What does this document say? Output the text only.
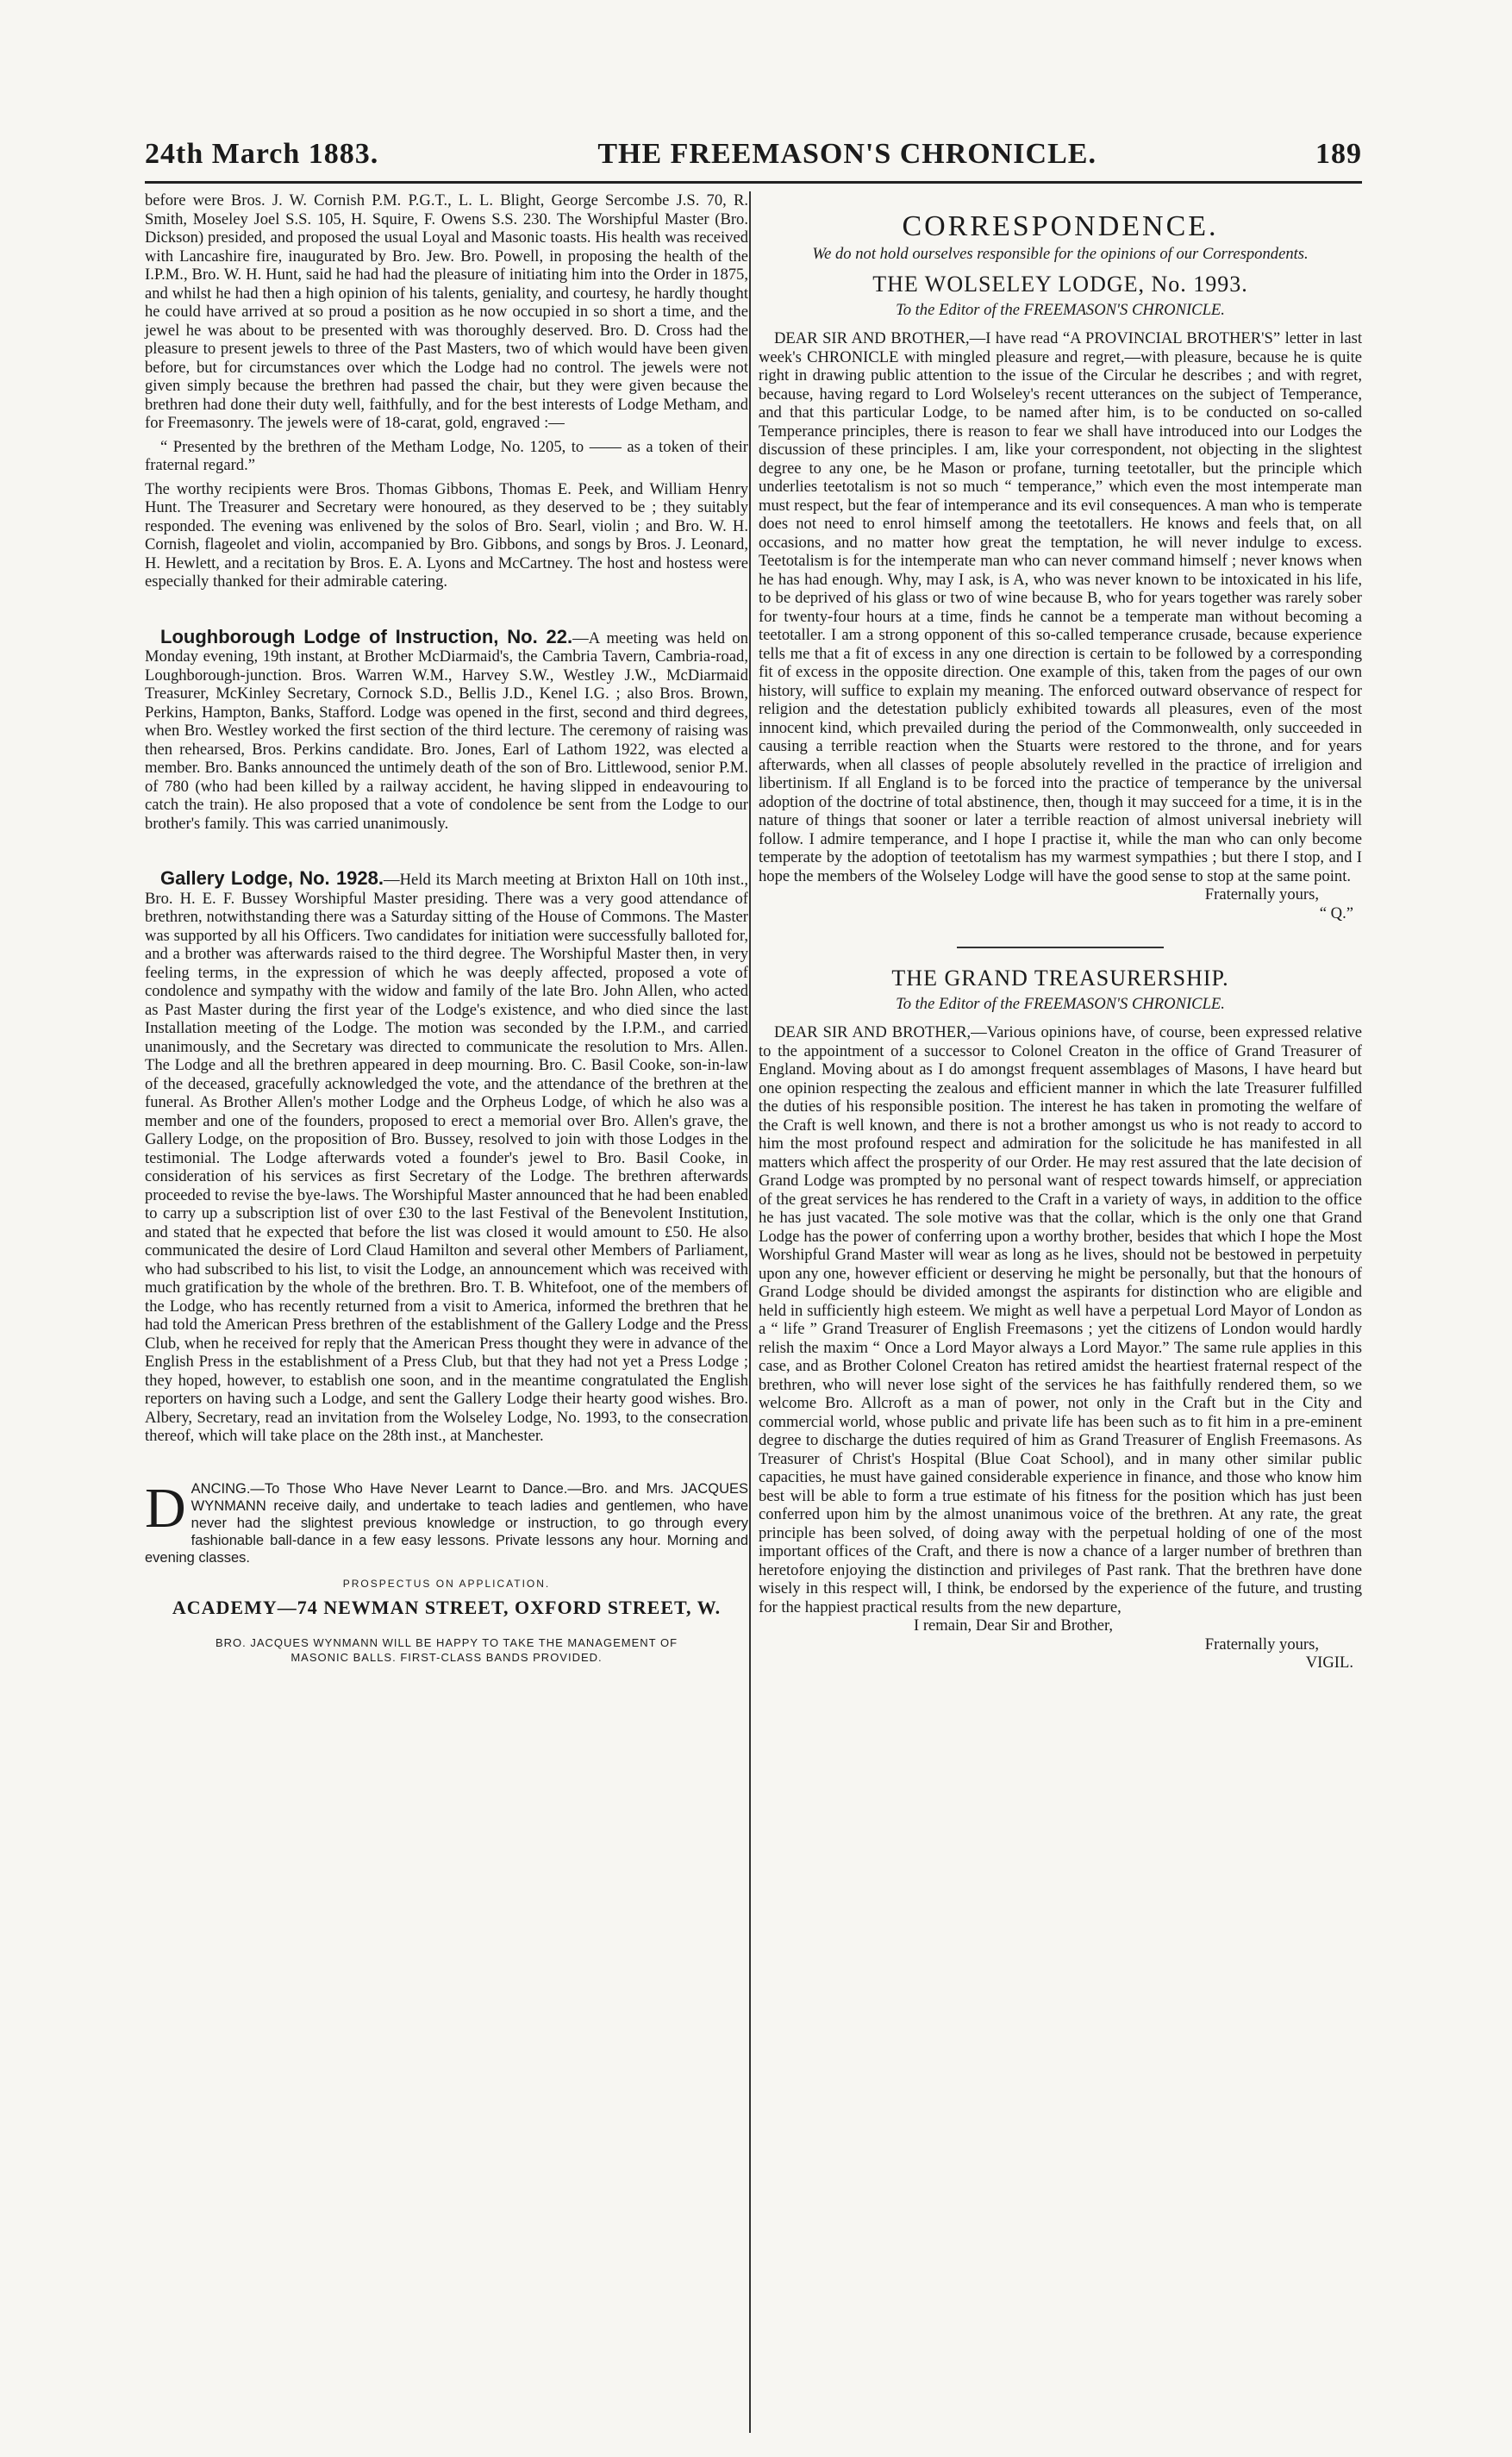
24th March 1883.	THE FREEMASON'S CHRONICLE.	189

before were Bros. J. W. Cornish P.M. P.G.T., L. L. Blight, George Sercombe J.S. 70, R. Smith, Moseley Joel S.S. 105, H. Squire, F. Owens S.S. 230. The Worshipful Master (Bro. Dickson) presided, and proposed the usual Loyal and Masonic toasts. His health was received with Lancashire fire, inaugurated by Bro. Jew. Bro. Powell, in proposing the health of the I.P.M., Bro. W. H. Hunt, said he had had the pleasure of initiating him into the Order in 1875, and whilst he had then a high opinion of his talents, geniality, and courtesy, he hardly thought he could have arrived at so proud a position as he now occupied in so short a time, and the jewel he was about to be presented with was thoroughly deserved. Bro. D. Cross had the pleasure to present jewels to three of the Past Masters, two of which would have been given before, but for circumstances over which the Lodge had no control. The jewels were not given simply because the brethren had passed the chair, but they were given because the brethren had done their duty well, faithfully, and for the best interests of Lodge Metham, and for Freemasonry. The jewels were of 18-carat, gold, engraved :—

“ Presented by the brethren of the Metham Lodge, No. 1205, to —— as a token of their fraternal regard.”

The worthy recipients were Bros. Thomas Gibbons, Thomas E. Peek, and William Henry Hunt. The Treasurer and Secretary were honoured, as they deserved to be ; they suitably responded. The evening was enlivened by the solos of Bro. Searl, violin ; and Bro. W. H. Cornish, flageolet and violin, accompanied by Bro. Gibbons, and songs by Bros. J. Leonard, H. Hewlett, and a recitation by Bros. E. A. Lyons and McCartney. The host and hostess were especially thanked for their admirable catering.

Loughborough Lodge of Instruction, No. 22.—A meeting was held on Monday evening, 19th instant, at Brother McDiarmaid's, the Cambria Tavern, Cambria-road, Loughborough-junction. Bros. Warren W.M., Harvey S.W., Westley J.W., McDiarmaid Treasurer, McKinley Secretary, Cornock S.D., Bellis J.D., Kenel I.G. ; also Bros. Brown, Perkins, Hampton, Banks, Stafford. Lodge was opened in the first, second and third degrees, when Bro. Westley worked the first section of the third lecture. The ceremony of raising was then rehearsed, Bros. Perkins candidate. Bro. Jones, Earl of Lathom 1922, was elected a member. Bro. Banks announced the untimely death of the son of Bro. Littlewood, senior P.M. of 780 (who had been killed by a railway accident, he having slipped in endeavouring to catch the train). He also proposed that a vote of condolence be sent from the Lodge to our brother's family. This was carried unanimously.

Gallery Lodge, No. 1928.—Held its March meeting at Brixton Hall on 10th inst., Bro. H. E. F. Bussey Worshipful Master presiding. There was a very good attendance of brethren, notwithstanding there was a Saturday sitting of the House of Commons. The Master was supported by all his Officers. Two candidates for initiation were successfully balloted for, and a brother was afterwards raised to the third degree. The Worshipful Master then, in very feeling terms, in the expression of which he was deeply affected, proposed a vote of condolence and sympathy with the widow and family of the late Bro. John Allen, who acted as Past Master during the first year of the Lodge's existence, and who died since the last Installation meeting of the Lodge. The motion was seconded by the I.P.M., and carried unanimously, and the Secretary was directed to communicate the resolution to Mrs. Allen. The Lodge and all the brethren appeared in deep mourning. Bro. C. Basil Cooke, son-in-law of the deceased, gracefully acknowledged the vote, and the attendance of the brethren at the funeral. As Brother Allen's mother Lodge and the Orpheus Lodge, of which he also was a member and one of the founders, proposed to erect a memorial over Bro. Allen's grave, the Gallery Lodge, on the proposition of Bro. Bussey, resolved to join with those Lodges in the testimonial. The Lodge afterwards voted a founder's jewel to Bro. Basil Cooke, in consideration of his services as first Secretary of the Lodge. The brethren afterwards proceeded to revise the bye-laws. The Worshipful Master announced that he had been enabled to carry up a subscription list of over £30 to the last Festival of the Benevolent Institution, and stated that he expected that before the list was closed it would amount to £50. He also communicated the desire of Lord Claud Hamilton and several other Members of Parliament, who had subscribed to his list, to visit the Lodge, an announcement which was received with much gratification by the whole of the brethren. Bro. T. B. Whitefoot, one of the members of the Lodge, who has recently returned from a visit to America, informed the brethren that he had told the American Press brethren of the establishment of the Gallery Lodge and the Press Club, when he received for reply that the American Press thought they were in advance of the English Press in the establishment of a Press Club, but that they had not yet a Press Lodge ; they hoped, however, to establish one soon, and in the meantime congratulated the English reporters on having such a Lodge, and sent the Gallery Lodge their hearty good wishes. Bro. Albery, Secretary, read an invitation from the Wolseley Lodge, No. 1993, to the consecration thereof, which will take place on the 28th inst., at Manchester.

D ANCING.—To Those Who Have Never Learnt to Dance.—Bro. and Mrs. JACQUES WYNMANN receive daily, and undertake to teach ladies and gentlemen, who have never had the slightest previous knowledge or instruction, to go through every fashionable ball-dance in a few easy lessons. Private lessons any hour. Morning and evening classes.
PROSPECTUS ON APPLICATION.
ACADEMY—74 NEWMAN STREET, OXFORD STREET, W.
BRO. JACQUES WYNMANN WILL BE HAPPY TO TAKE THE MANAGEMENT OF
MASONIC BALLS. FIRST-CLASS BANDS PROVIDED.
CORRESPONDENCE.
We do not hold ourselves responsible for the opinions of our Correspondents.
THE WOLSELEY LODGE, No. 1993.
To the Editor of the FREEMASON'S CHRONICLE.

DEAR SIR AND BROTHER,—I have read “A PROVINCIAL BROTHER'S” letter in last week's CHRONICLE with mingled pleasure and regret,—with pleasure, because he is quite right in drawing public attention to the issue of the Circular he describes ; and with regret, because, having regard to Lord Wolseley's recent utterances on the subject of Temperance, and that this particular Lodge, to be named after him, is to be conducted on so-called Temperance principles, there is reason to fear we shall have introduced into our Lodges the discussion of these principles. I am, like your correspondent, not objecting in the slightest degree to any one, be he Mason or profane, turning teetotaller, but the principle which underlies teetotalism is not so much “ temperance,” which even the most intemperate man must respect, but the fear of intemperance and its evil consequences. A man who is temperate does not need to enrol himself among the teetotallers. He knows and feels that, on all occasions, and no matter how great the temptation, he will never indulge to excess. Teetotalism is for the intemperate man who can never command himself ; never knows when he has had enough. Why, may I ask, is A, who was never known to be intoxicated in his life, to be deprived of his glass or two of wine because B, who for years together was rarely sober for twenty-four hours at a time, finds he cannot be a temperate man without becoming a teetotaller. I am a strong opponent of this so-called temperance crusade, because experience tells me that a fit of excess in any one direction is certain to be followed by a corresponding fit of excess in the opposite direction. One example of this, taken from the pages of our own history, will suffice to explain my meaning. The enforced outward observance of respect for religion and the detestation publicly exhibited towards all pleasures, even of the most innocent kind, which prevailed during the period of the Commonwealth, only succeeded in causing a terrible reaction when the Stuarts were restored to the throne, and for years afterwards, when all classes of people absolutely revelled in the practice of irreligion and libertinism. If all England is to be forced into the practice of temperance by the universal adoption of the doctrine of total abstinence, then, though it may succeed for a time, it is in the nature of things that sooner or later a terrible reaction of almost universal inebriety will follow. I admire temperance, and I hope I practise it, while the man who can only become temperate by the adoption of teetotalism has my warmest sympathies ; but there I stop, and I hope the members of the Wolseley Lodge will have the good sense to stop at the same point.

Fraternally yours,
“ Q.”
THE GRAND TREASURERSHIP.
To the Editor of the FREEMASON'S CHRONICLE.

DEAR SIR AND BROTHER,—Various opinions have, of course, been expressed relative to the appointment of a successor to Colonel Creaton in the office of Grand Treasurer of England. Moving about as I do amongst frequent assemblages of Masons, I have heard but one opinion respecting the zealous and efficient manner in which the late Treasurer fulfilled the duties of his responsible position. The interest he has taken in promoting the welfare of the Craft is well known, and there is not a brother amongst us who is not ready to accord to him the most profound respect and admiration for the solicitude he has manifested in all matters which affect the prosperity of our Order. He may rest assured that the late decision of Grand Lodge was prompted by no personal want of respect towards himself, or appreciation of the great services he has rendered to the Craft in a variety of ways, in addition to the office he has just vacated. The sole motive was that the collar, which is the only one that Grand Lodge has the power of conferring upon a worthy brother, besides that which I hope the Most Worshipful Grand Master will wear as long as he lives, should not be bestowed in perpetuity upon any one, however efficient or deserving he might be personally, but that the honours of Grand Lodge should be divided amongst the aspirants for distinction who are eligible and held in sufficiently high esteem. We might as well have a perpetual Lord Mayor of London as a “ life ” Grand Treasurer of English Freemasons ; yet the citizens of London would hardly relish the maxim “ Once a Lord Mayor always a Lord Mayor.” The same rule applies in this case, and as Brother Colonel Creaton has retired amidst the heartiest fraternal respect of the brethren, who will never lose sight of the services he has faithfully rendered them, so we welcome Bro. Allcroft as a man of power, not only in the Craft but in the City and commercial world, whose public and private life has been such as to fit him in a pre-eminent degree to discharge the duties required of him as Grand Treasurer of English Freemasons. As Treasurer of Christ's Hospital (Blue Coat School), and in many other similar public capacities, he must have gained considerable experience in finance, and those who know him best will be able to form a true estimate of his fitness for the position which has just been conferred upon him by the almost unanimous voice of the brethren. At any rate, the great principle has been solved, of doing away with the perpetual holding of one of the most important offices of the Craft, and there is now a chance of a larger number of brethren than heretofore enjoying the distinction and privileges of Past rank. That the brethren have done wisely in this respect will, I think, be endorsed by the experience of the future, and trusting for the happiest practical results from the new departure,

I remain, Dear Sir and Brother,
Fraternally yours,
VIGIL.
